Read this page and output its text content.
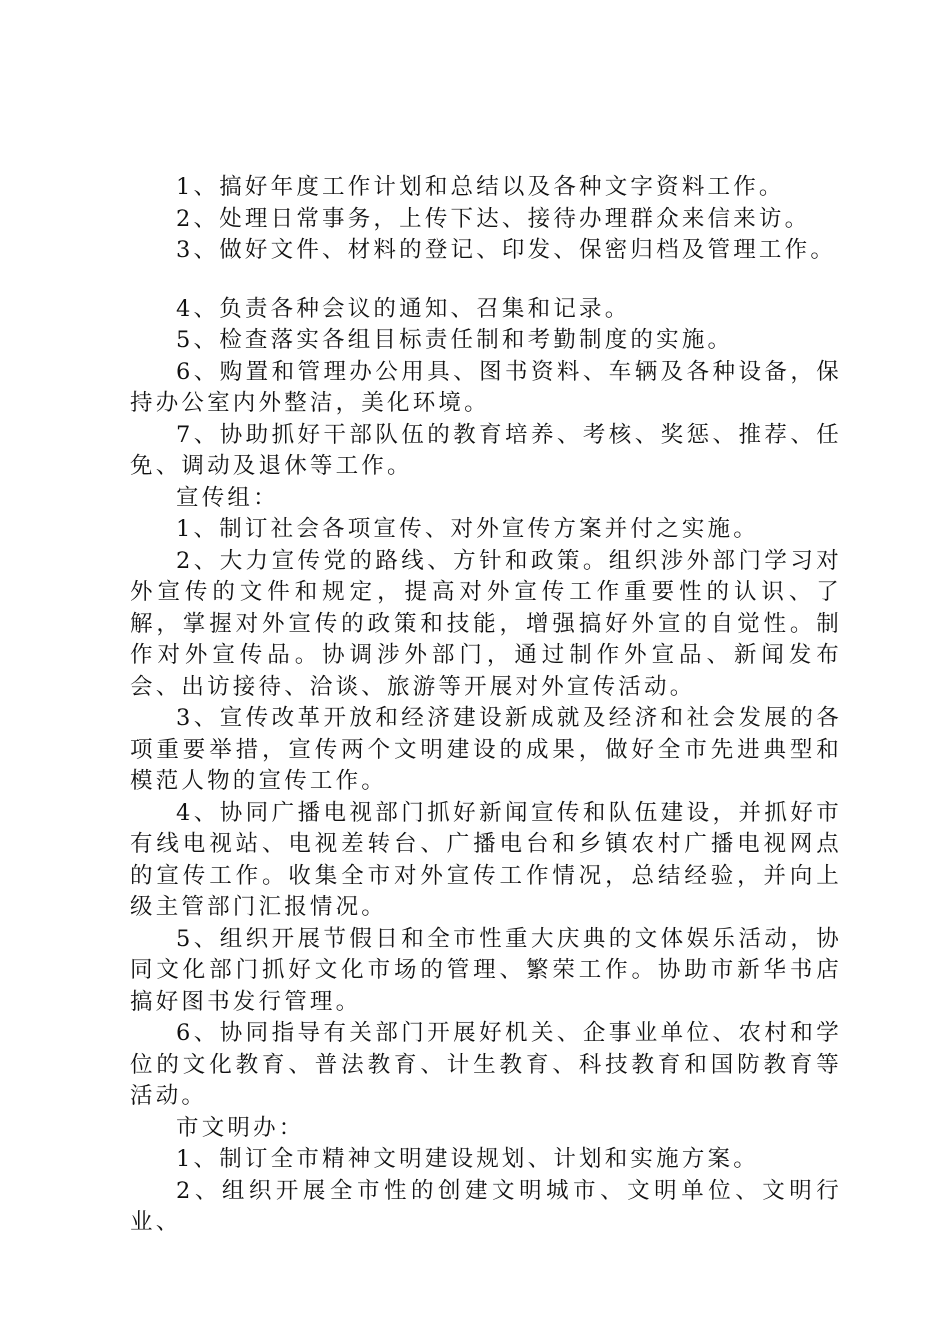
1、搞好年度工作计划和总结以及各种文字资料工作。

2、处理日常事务，上传下达、接待办理群众来信来访。

3、做好文件、材料的登记、印发、保密归档及管理工作。

4、负责各种会议的通知、召集和记录。

5、检查落实各组目标责任制和考勤制度的实施。

6、购置和管理办公用具、图书资料、车辆及各种设备，保持办公室内外整洁，美化环境。

7、协助抓好干部队伍的教育培养、考核、奖惩、推荐、任免、调动及退休等工作。

宣传组：

1、制订社会各项宣传、对外宣传方案并付之实施。

2、大力宣传党的路线、方针和政策。组织涉外部门学习对外宣传的文件和规定，提高对外宣传工作重要性的认识、了解，掌握对外宣传的政策和技能，增强搞好外宣的自觉性。制作对外宣传品。协调涉外部门，通过制作外宣品、新闻发布会、出访接待、洽谈、旅游等开展对外宣传活动。

3、宣传改革开放和经济建设新成就及经济和社会发展的各项重要举措，宣传两个文明建设的成果，做好全市先进典型和模范人物的宣传工作。

4、协同广播电视部门抓好新闻宣传和队伍建设，并抓好市有线电视站、电视差转台、广播电台和乡镇农村广播电视网点的宣传工作。收集全市对外宣传工作情况，总结经验，并向上级主管部门汇报情况。

5、组织开展节假日和全市性重大庆典的文体娱乐活动，协同文化部门抓好文化市场的管理、繁荣工作。协助市新华书店搞好图书发行管理。

6、协同指导有关部门开展好机关、企事业单位、农村和学位的文化教育、普法教育、计生教育、科技教育和国防教育等活动。

市文明办：

1、制订全市精神文明建设规划、计划和实施方案。

2、组织开展全市性的创建文明城市、文明单位、文明行业、
